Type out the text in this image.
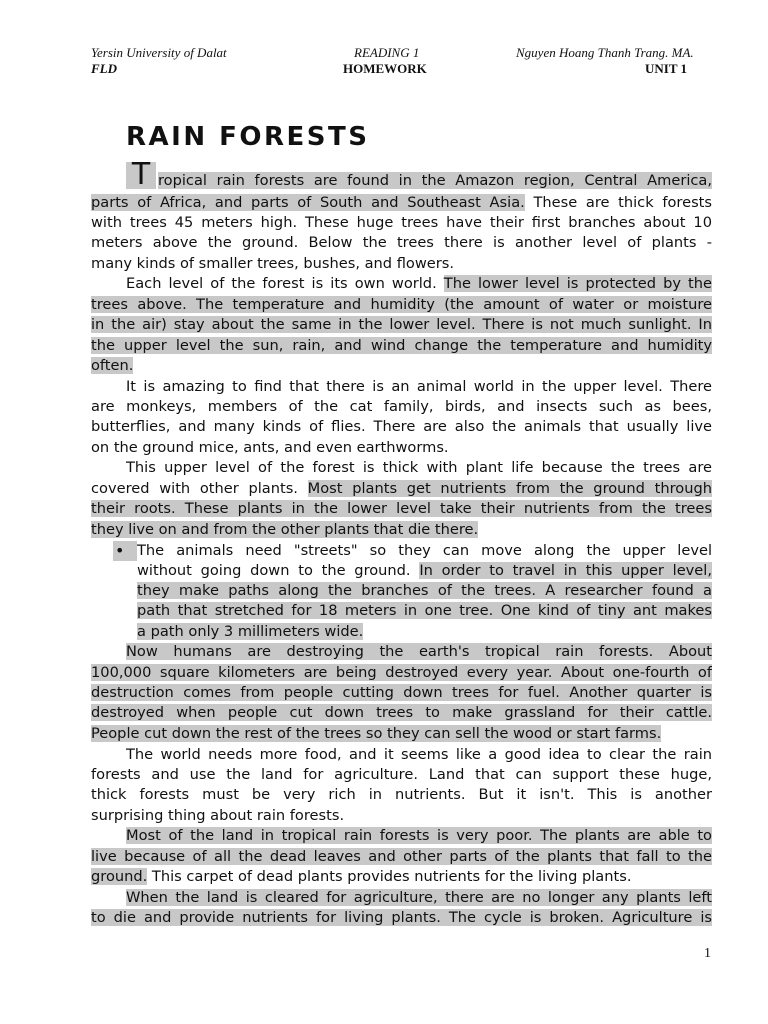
Yersin University of Dalat
FLD
READING 1
HOMEWORK
Nguyen Hoang Thanh Trang. MA.
UNIT 1
RAIN FORESTS
T
•
ropical rain forests are found in the Amazon region, Central America,
parts of Africa, and parts of South and Southeast Asia. These are thick forests
with trees 45 meters high. These huge trees have their first branches about 10
meters above the ground. Below the trees there is another level of plants -
many kinds of smaller trees, bushes, and flowers.
Each level of the forest is its own world. The lower level is protected by the
trees above. The temperature and humidity (the amount of water or moisture
in the air) stay about the same in the lower level. There is not much sunlight. In
the upper level the sun, rain, and wind change the temperature and humidity
often.
It is amazing to find that there is an animal world in the upper level. There
are monkeys, members of the cat family, birds, and insects such as bees,
butterflies, and many kinds of flies. There are also the animals that usually live
on the ground mice, ants, and even earthworms.
This upper level of the forest is thick with plant life because the trees are
covered with other plants. Most plants get nutrients from the ground through
their roots. These plants in the lower level take their nutrients from the trees
they live on and from the other plants that die there.
The animals need "streets" so they can move along the upper level
without going down to the ground. In order to travel in this upper level,
they make paths along the branches of the trees. A researcher found a
path that stretched for 18 meters in one tree. One kind of tiny ant makes
a path only 3 millimeters wide.
Now humans are destroying the earth's tropical rain forests. About
100,000 square kilometers are being destroyed every year. About one-fourth of
destruction comes from people cutting down trees for fuel. Another quarter is
destroyed when people cut down trees to make grassland for their cattle.
People cut down the rest of the trees so they can sell the wood or start farms.
The world needs more food, and it seems like a good idea to clear the rain
forests and use the land for agriculture. Land that can support these huge,
thick forests must be very rich in nutrients. But it isn't. This is another
surprising thing about rain forests.
Most of the land in tropical rain forests is very poor. The plants are able to
live because of all the dead leaves and other parts of the plants that fall to the
ground. This carpet of dead plants provides nutrients for the living plants.
When the land is cleared for agriculture, there are no longer any plants left
to die and provide nutrients for living plants. The cycle is broken. Agriculture is
1
